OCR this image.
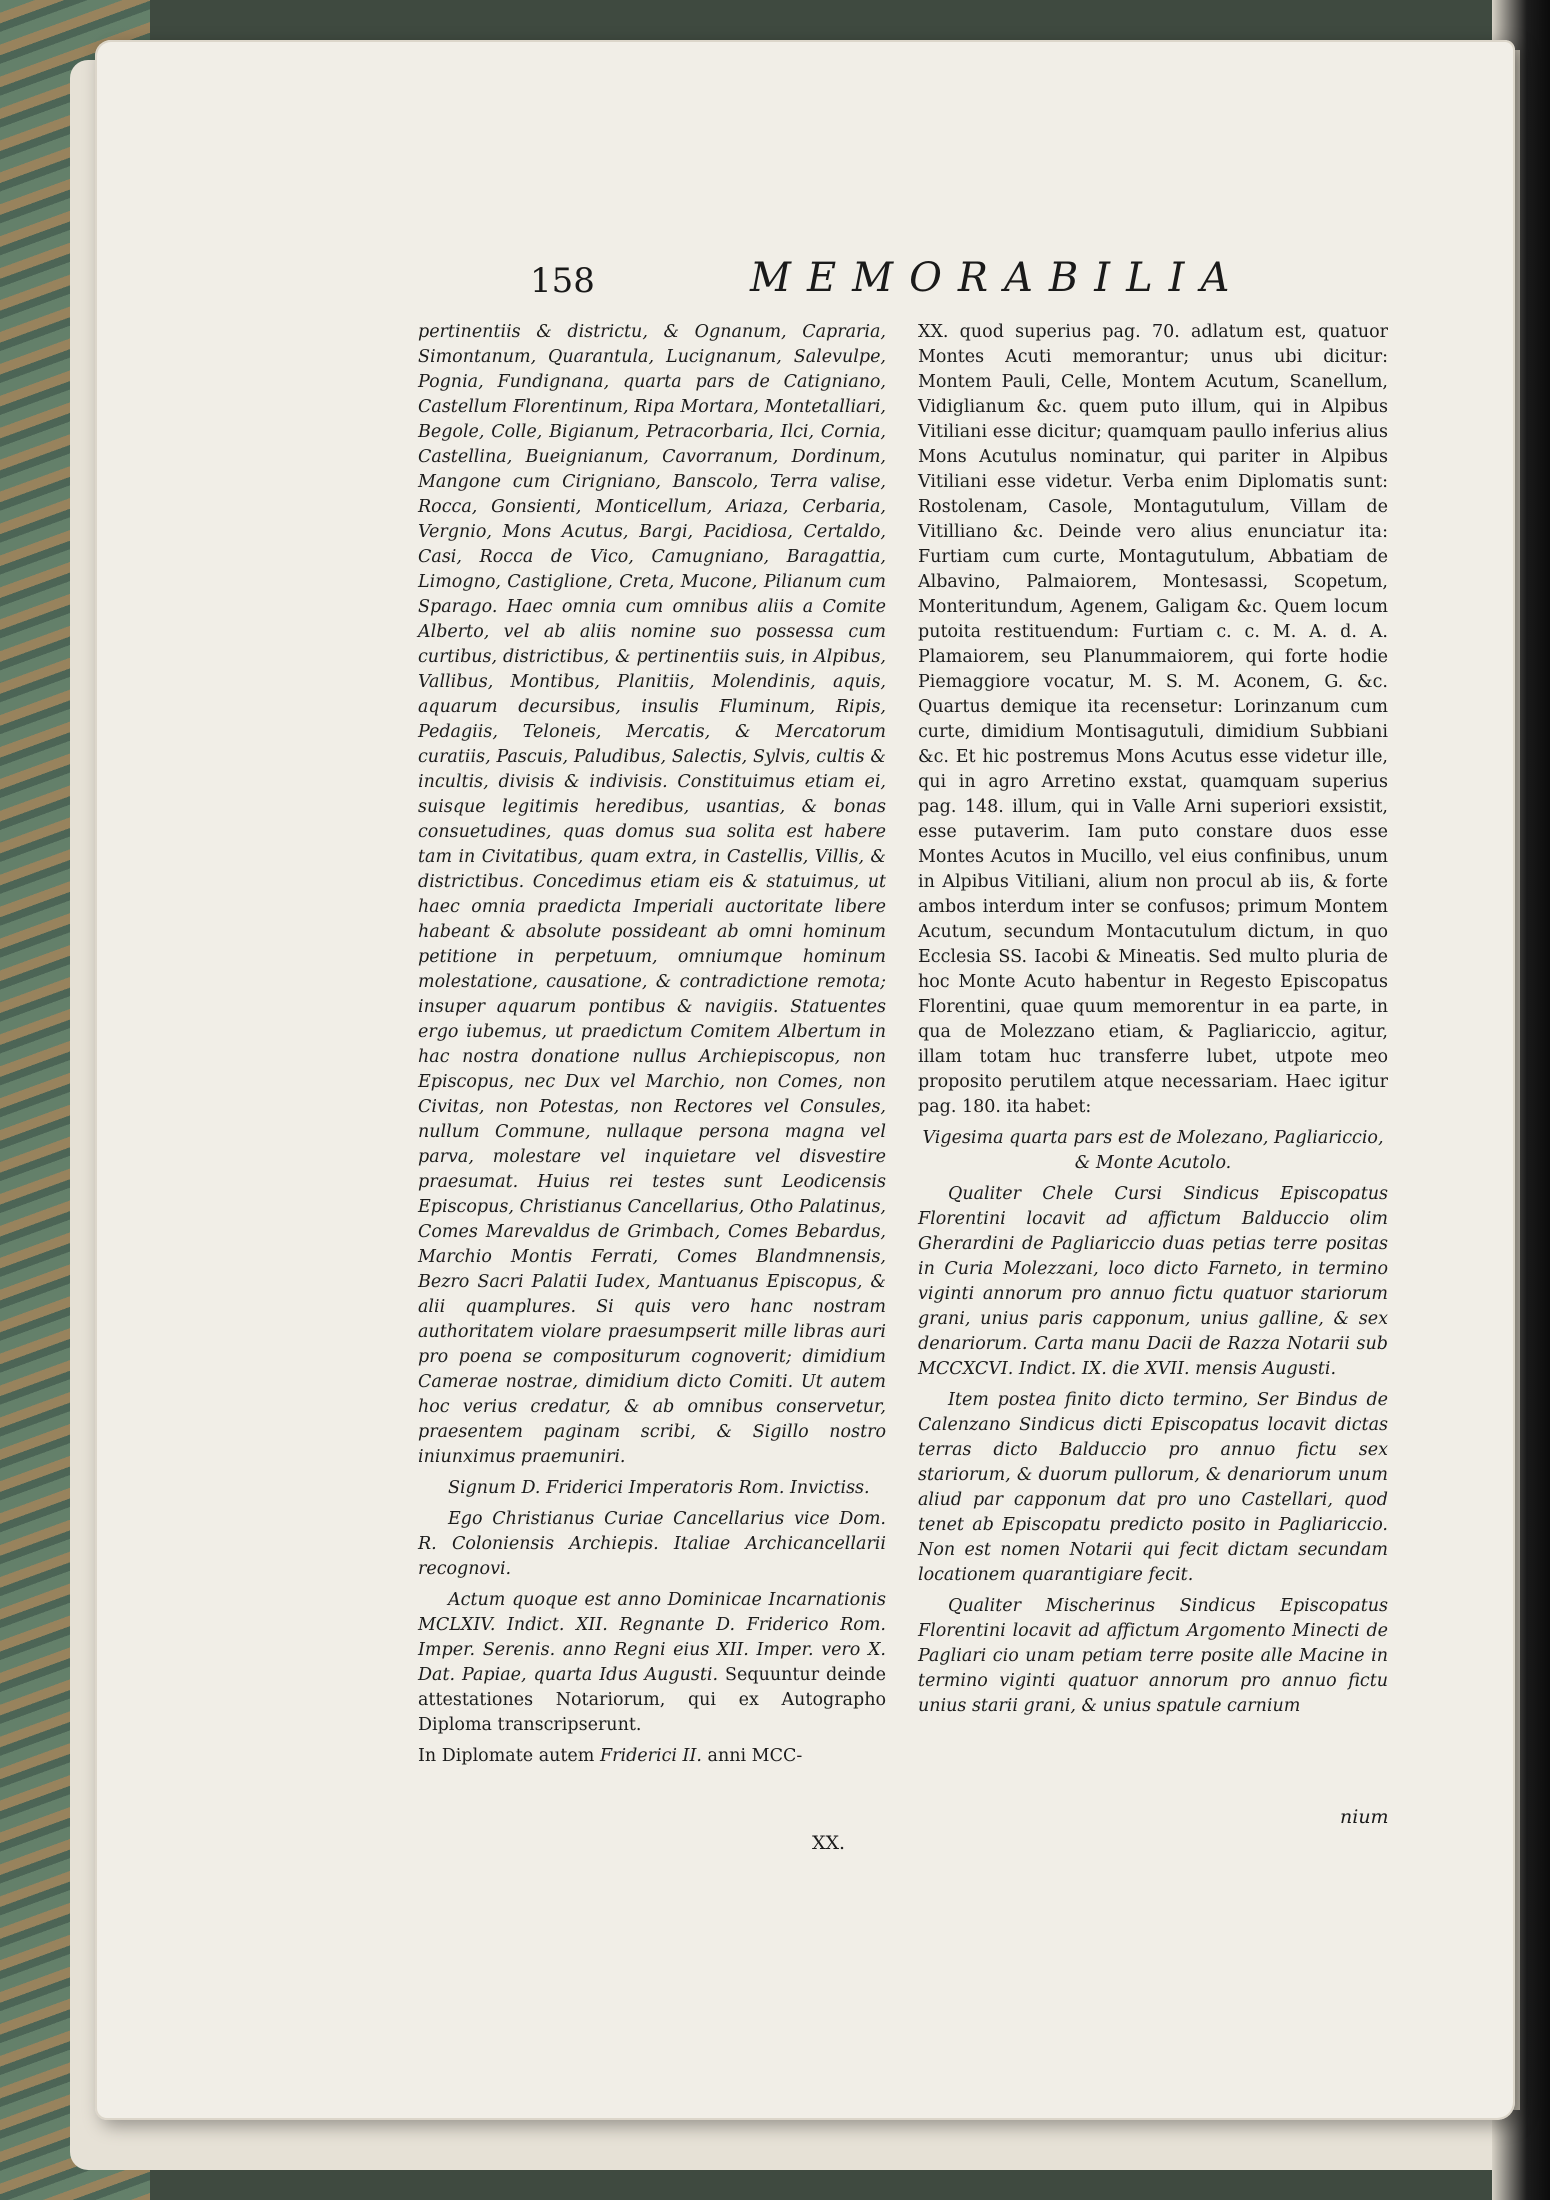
158	MEMORABILIA

pertinentiis & districtu, & Ognanum, Capraria, Simontanum, Quarantula, Lucignanum, Salevulpe, Pognia, Fundignana, quarta pars de Catigniano, Castellum Florentinum, Ripa Mortara, Montetalliari, Begole, Colle, Bigianum, Petracorbaria, Ilci, Cornia, Castellina, Bueignianum, Cavorranum, Dordinum, Mangone cum Cirigniano, Banscolo, Terra valise, Rocca, Gonsienti, Monticellum, Ariaza, Cerbaria, Vergnio, Mons Acutus, Bargi, Pacidiosa, Certaldo, Casi, Rocca de Vico, Camugniano, Baragattia, Limogno, Castiglione, Creta, Mucone, Pilianum cum Sparago. Haec omnia cum omnibus aliis a Comite Alberto, vel ab aliis nomine suo possessa cum curtibus, districtibus, & pertinentiis suis, in Alpibus, Vallibus, Montibus, Planitiis, Molendinis, aquis, aquarum decursibus, insulis Fluminum, Ripis, Pedagiis, Teloneis, Mercatis, & Mercatorum curatiis, Pascuis, Paludibus, Salectis, Sylvis, cultis & incultis, divisis & indivisis. Constituimus etiam ei, suisque legitimis heredibus, usantias, & bonas consuetudines, quas domus sua solita est habere tam in Civitatibus, quam extra, in Castellis, Villis, & districtibus. Concedimus etiam eis & statuimus, ut haec omnia praedicta Imperiali auctoritate libere habeant & absolute possideant ab omni hominum petitione in perpetuum, omniumque hominum molestatione, causatione, & contradictione remota; insuper aquarum pontibus & navigiis. Statuentes ergo iubemus, ut praedictum Comitem Albertum in hac nostra donatione nullus Archiepiscopus, non Episcopus, nec Dux vel Marchio, non Comes, non Civitas, non Potestas, non Rectores vel Consules, nullum Commune, nullaque persona magna vel parva, molestare vel inquietare vel disvestire praesumat. Huius rei testes sunt Leodicensis Episcopus, Christianus Cancellarius, Otho Palatinus, Comes Marevaldus de Grimbach, Comes Bebardus, Marchio Montis Ferrati, Comes Blandmnensis, Bezro Sacri Palatii Iudex, Mantuanus Episcopus, & alii quamplures. Si quis vero hanc nostram authoritatem violare praesumpserit mille libras auri pro poena se compositurum cognoverit; dimidium Camerae nostrae, dimidium dicto Comiti. Ut autem hoc verius credatur, & ab omnibus conservetur, praesentem paginam scribi, & Sigillo nostro iniunximus praemuniri.

Signum D. Friderici Imperatoris Rom. Invictiss.

Ego Christianus Curiae Cancellarius vice Dom. R. Coloniensis Archiepis. Italiae Archicancellarii recognovi.

Actum quoque est anno Dominicae Incarnationis MCLXIV. Indict. XII. Regnante D. Friderico Rom. Imper. Serenis. anno Regni eius XII. Imper. vero X. Dat. Papiae, quarta Idus Augusti. Sequuntur deinde attestationes Notariorum, qui ex Autographo Diploma transcripserunt.

In Diplomate autem Friderici II. anni MCC-

XX. quod superius pag. 70. adlatum est, quatuor Montes Acuti memorantur; unus ubi dicitur: Montem Pauli, Celle, Montem Acutum, Scanellum, Vidiglianum &c. quem puto illum, qui in Alpibus Vitiliani esse dicitur; quamquam paullo inferius alius Mons Acutulus nominatur, qui pariter in Alpibus Vitiliani esse videtur. Verba enim Diplomatis sunt: Rostolenam, Casole, Montagutulum, Villam de Vitilliano &c. Deinde vero alius enunciatur ita: Furtiam cum curte, Montagutulum, Abbatiam de Albavino, Palmaiorem, Montesassi, Scopetum, Monteritundum, Agenem, Galigam &c. Quem locum putoita restituendum: Furtiam c. c. M. A. d. A. Plamaiorem, seu Planummaiorem, qui forte hodie Piemaggiore vocatur, M. S. M. Aconem, G. &c. Quartus demique ita recensetur: Lorinzanum cum curte, dimidium Montisagutuli, dimidium Subbiani &c. Et hic postremus Mons Acutus esse videtur ille, qui in agro Arretino exstat, quamquam superius pag. 148. illum, qui in Valle Arni superiori exsistit, esse putaverim. Iam puto constare duos esse Montes Acutos in Mucillo, vel eius confinibus, unum in Alpibus Vitiliani, alium non procul ab iis, & forte ambos interdum inter se confusos; primum Montem Acutum, secundum Montacutulum dictum, in quo Ecclesia SS. Iacobi & Mineatis. Sed multo pluria de hoc Monte Acuto habentur in Regesto Episcopatus Florentini, quae quum memorentur in ea parte, in qua de Molezzano etiam, & Pagliariccio, agitur, illam totam huc transferre lubet, utpote meo proposito perutilem atque necessariam. Haec igitur pag. 180. ita habet:

Vigesima quarta pars est de Molezano, Pagliariccio, & Monte Acutolo.

Qualiter Chele Cursi Sindicus Episcopatus Florentini locavit ad affictum Balduccio olim Gherardini de Pagliariccio duas petias terre positas in Curia Molezzani, loco dicto Farneto, in termino viginti annorum pro annuo fictu quatuor stariorum grani, unius paris capponum, unius galline, & sex denariorum. Carta manu Dacii de Razza Notarii sub MCCXCVI. Indict. IX. die XVII. mensis Augusti.

Item postea finito dicto termino, Ser Bindus de Calenzano Sindicus dicti Episcopatus locavit dictas terras dicto Balduccio pro annuo fictu sex stariorum, & duorum pullorum, & denariorum unum aliud par capponum dat pro uno Castellari, quod tenet ab Episcopatu predicto posito in Pagliariccio. Non est nomen Notarii qui fecit dictam secundam locationem quarantigiare fecit.

Qualiter Mischerinus Sindicus Episcopatus Florentini locavit ad affictum Argomento Minecti de Pagliari cio unam petiam terre posite alle Macine in termino viginti quatuor annorum pro annuo fictu unius starii grani, & unius spatule carnium

XX.
nium
